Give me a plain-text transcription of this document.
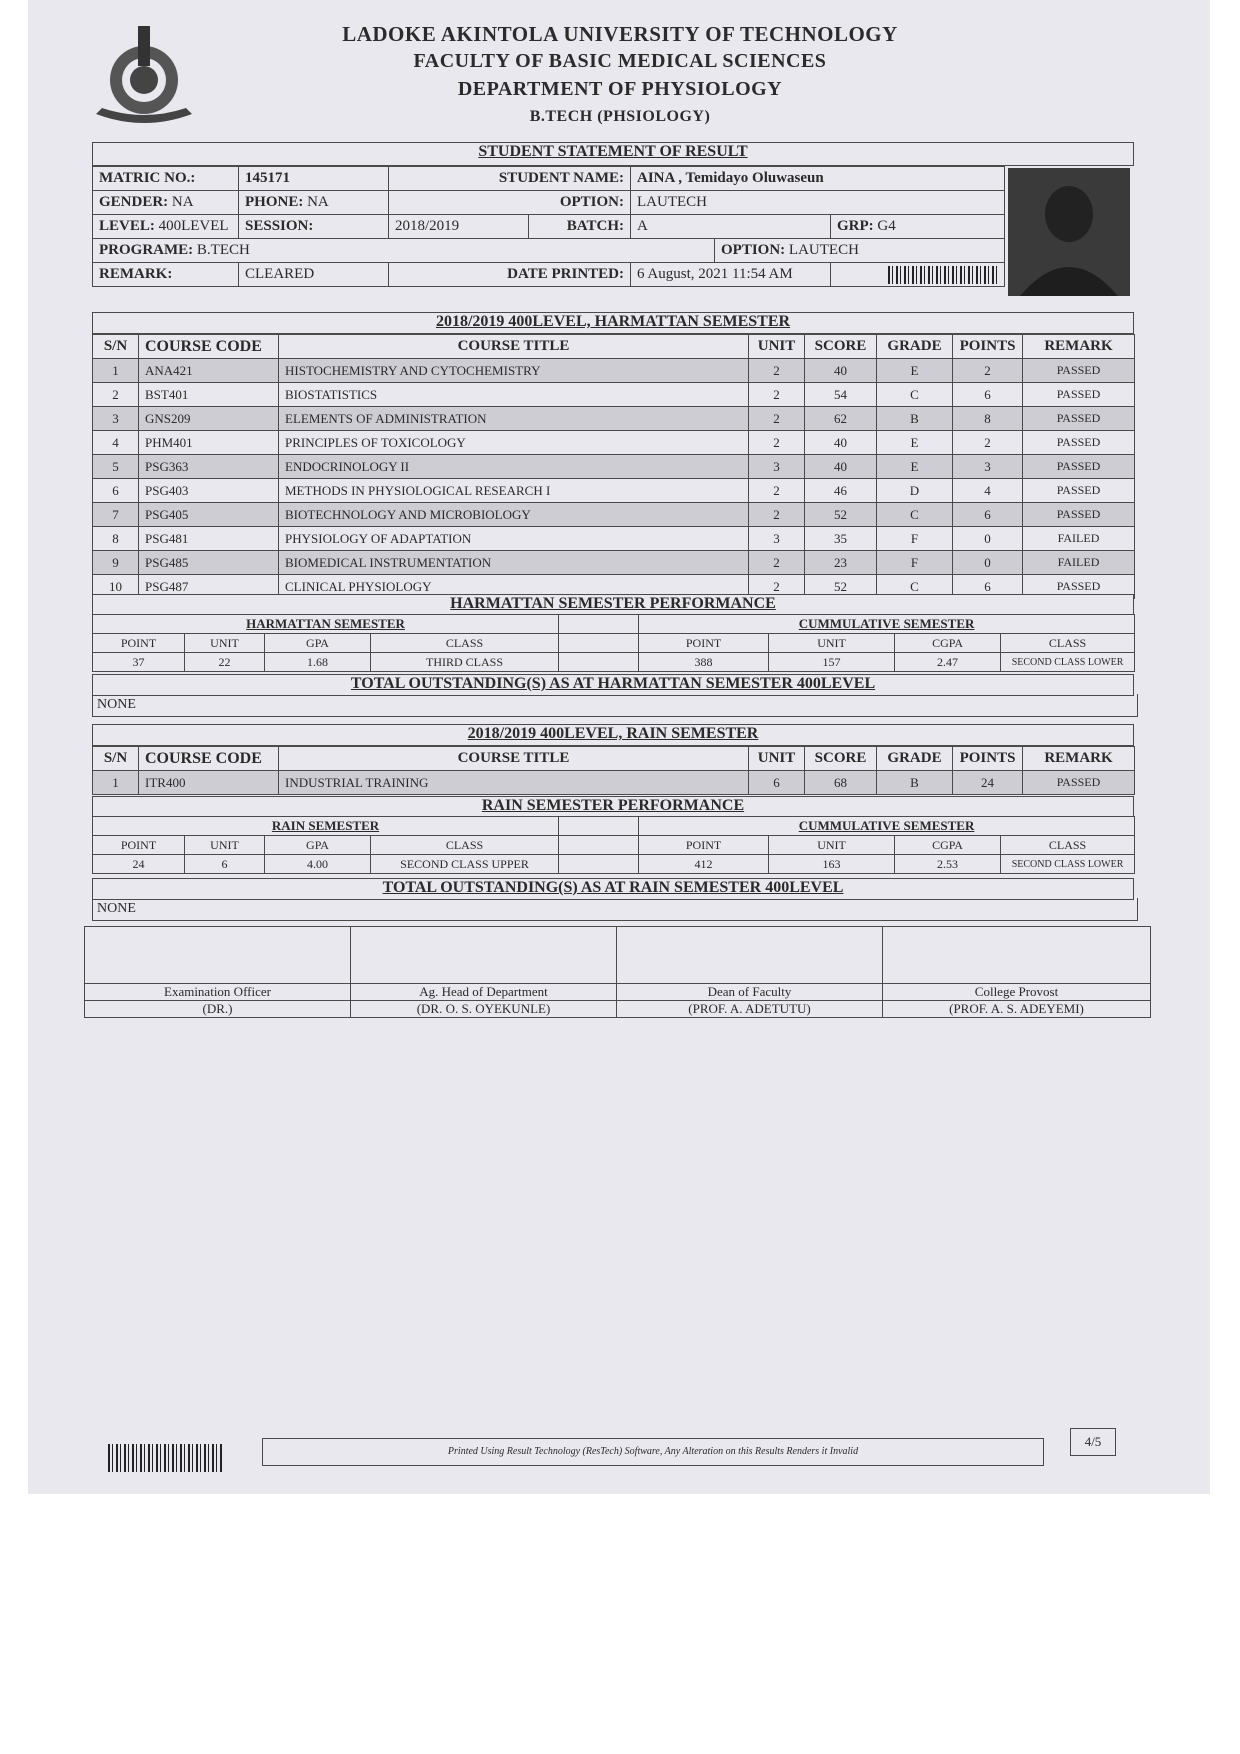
LADOKE AKINTOLA UNIVERSITY OF TECHNOLOGY
FACULTY OF BASIC MEDICAL SCIENCES
DEPARTMENT OF PHYSIOLOGY
B.TECH (PHSIOLOGY)
STUDENT STATEMENT OF RESULT
MATRIC NO.:	145171	STUDENT NAME:		AINA , Temidayo Oluwaseun		
GENDER: NA	PHONE: NA	OPTION:		LAUTECH		
LEVEL: 400LEVEL	SESSION:	2018/2019	BATCH:	A		GRP: G4
PROGRAME: B.TECH					OPTION: LAUTECH	
REMARK:	CLEARED	DATE PRINTED:		6 August, 2021 11:54 AM		
2018/2019 400LEVEL, HARMATTAN SEMESTER
S/N	COURSE CODE	COURSE TITLE	UNIT	SCORE	GRADE	POINTS	REMARK
1	ANA421	HISTOCHEMISTRY AND CYTOCHEMISTRY	2	40	E	2	PASSED
2	BST401	BIOSTATISTICS	2	54	C	6	PASSED
3	GNS209	ELEMENTS OF ADMINISTRATION	2	62	B	8	PASSED
4	PHM401	PRINCIPLES OF TOXICOLOGY	2	40	E	2	PASSED
5	PSG363	ENDOCRINOLOGY II	3	40	E	3	PASSED
6	PSG403	METHODS IN PHYSIOLOGICAL RESEARCH I	2	46	D	4	PASSED
7	PSG405	BIOTECHNOLOGY AND MICROBIOLOGY	2	52	C	6	PASSED
8	PSG481	PHYSIOLOGY OF ADAPTATION	3	35	F	0	FAILED
9	PSG485	BIOMEDICAL INSTRUMENTATION	2	23	F	0	FAILED
10	PSG487	CLINICAL PHYSIOLOGY	2	52	C	6	PASSED
HARMATTAN SEMESTER PERFORMANCE
HARMATTAN SEMESTER					CUMMULATIVE SEMESTER			
POINT	UNIT	GPA	CLASS		POINT	UNIT	CGPA	CLASS
37	22	1.68	THIRD CLASS		388	157	2.47	SECOND CLASS LOWER
TOTAL OUTSTANDING(S) AS AT HARMATTAN SEMESTER 400LEVEL
NONE
2018/2019 400LEVEL, RAIN SEMESTER
S/N	COURSE CODE	COURSE TITLE	UNIT	SCORE	GRADE	POINTS	REMARK
1	ITR400	INDUSTRIAL TRAINING	6	68	B	24	PASSED
RAIN SEMESTER PERFORMANCE
RAIN SEMESTER					CUMMULATIVE SEMESTER			
POINT	UNIT	GPA	CLASS		POINT	UNIT	CGPA	CLASS
24	6	4.00	SECOND CLASS UPPER		412	163	2.53	SECOND CLASS LOWER
TOTAL OUTSTANDING(S) AS AT RAIN SEMESTER 400LEVEL
NONE

Examination Officer	Ag. Head of Department	Dean of Faculty	College Provost
(DR.)	(DR. O. S. OYEKUNLE)	(PROF. A. ADETUTU)	(PROF. A. S. ADEYEMI)
Printed Using Result Technology (ResTech) Software, Any Alteration on this Results Renders it Invalid
4/5
